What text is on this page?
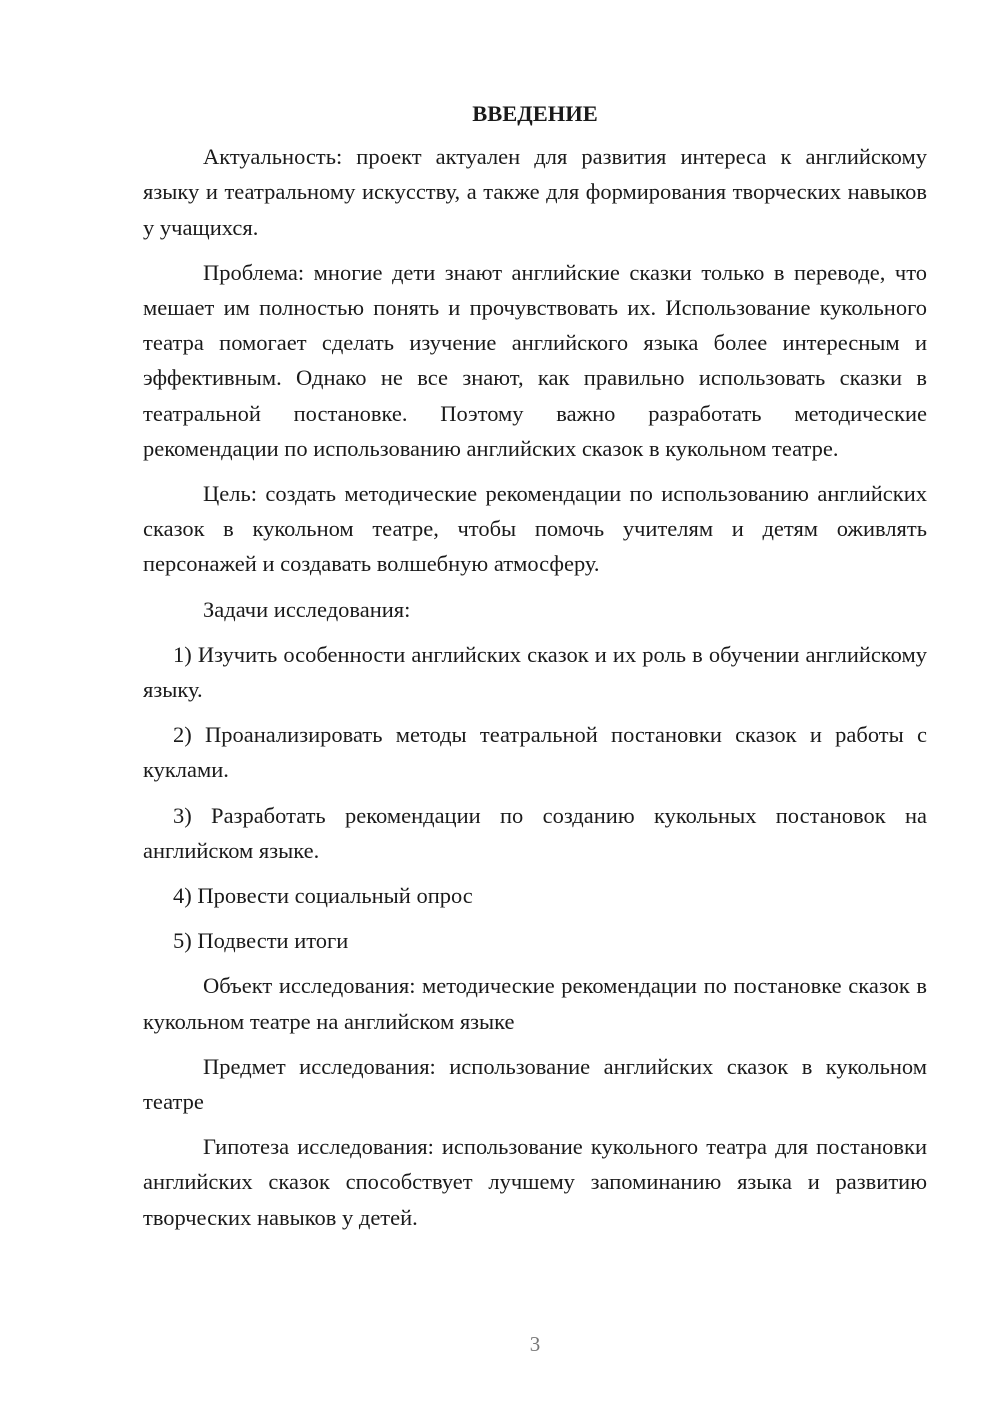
ВВЕДЕНИЕ
Актуальность: проект актуален для развития интереса к английскому языку и театральному искусству, а также для формирования творческих навыков у учащихся.
Проблема: многие дети знают английские сказки только в переводе, что мешает им полностью понять и прочувствовать их. Использование кукольного театра помогает сделать изучение английского языка более интересным и эффективным. Однако не все знают, как правильно использовать сказки в театральной постановке. Поэтому важно разработать методические рекомендации по использованию английских сказок в кукольном театре.
Цель: создать методические рекомендации по использованию английских сказок в кукольном театре, чтобы помочь учителям и детям оживлять персонажей и создавать волшебную атмосферу.
Задачи исследования:
1) Изучить особенности английских сказок и их роль в обучении английскому языку.
2) Проанализировать методы театральной постановки сказок и работы с куклами.
3) Разработать рекомендации по созданию кукольных постановок на английском языке.
4) Провести социальный опрос
5) Подвести итоги
Объект исследования: методические рекомендации по постановке сказок в кукольном театре на английском языке
Предмет исследования: использование английских сказок в кукольном театре
Гипотеза исследования: использование кукольного театра для постановки английских сказок способствует лучшему запоминанию языка и развитию творческих навыков у детей.
3
